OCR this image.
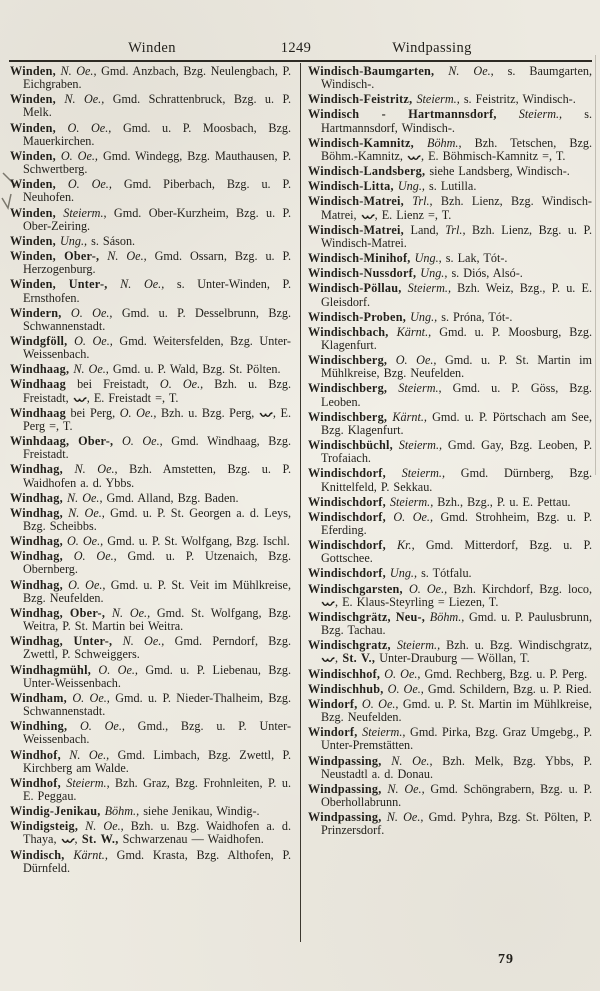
Winden	1249	Windpassing
Winden, N. Oe., Gmd. Anzbach, Bzg. Neulengbach, P. Eichgraben.
Winden, N. Oe., Gmd. Schrattenbruck, Bzg. u. P. Melk.
Winden, O. Oe., Gmd. u. P. Moosbach, Bzg. Mauerkirchen.
Winden, O. Oe., Gmd. Windegg, Bzg. Mauthausen, P. Schwertberg.
Winden, O. Oe., Gmd. Piberbach, Bzg. u. P. Neuhofen.
Winden, Steierm., Gmd. Ober-Kurzheim, Bzg. u. P. Ober-Zeiring.
Winden, Ung., s. Sáson.
Winden, Ober-, N. Oe., Gmd. Ossarn, Bzg. u. P. Herzogenburg.
Winden, Unter-, N. Oe., s. Unter-Winden, P. Ernsthofen.
Windern, O. Oe., Gmd. u. P. Desselbrunn, Bzg. Schwannenstadt.
Windgföll, O. Oe., Gmd. Weitersfelden, Bzg. Unter-Weissenbach.
Windhaag, N. Oe., Gmd. u. P. Wald, Bzg. St. Pölten.
Windhaag bei Freistadt, O. Oe., Bzh. u. Bzg. Freistadt, , E. Freistadt =, T.
Windhaag bei Perg, O. Oe., Bzh. u. Bzg. Perg, , E. Perg =, T.
Winhdaag, Ober-, O. Oe., Gmd. Windhaag, Bzg. Freistadt.
Windhag, N. Oe., Bzh. Amstetten, Bzg. u. P. Waidhofen a. d. Ybbs.
Windhag, N. Oe., Gmd. Alland, Bzg. Baden.
Windhag, N. Oe., Gmd. u. P. St. Georgen a. d. Leys, Bzg. Scheibbs.
Windhag, O. Oe., Gmd. u. P. St. Wolfgang, Bzg. Ischl.
Windhag, O. Oe., Gmd. u. P. Utzenaich, Bzg. Obernberg.
Windhag, O. Oe., Gmd. u. P. St. Veit im Mühlkreise, Bzg. Neufelden.
Windhag, Ober-, N. Oe., Gmd. St. Wolfgang, Bzg. Weitra, P. St. Martin bei Weitra.
Windhag, Unter-, N. Oe., Gmd. Perndorf, Bzg. Zwettl, P. Schweiggers.
Windhagmühl, O. Oe., Gmd. u. P. Liebenau, Bzg. Unter-Weissenbach.
Windham, O. Oe., Gmd. u. P. Nieder-Thalheim, Bzg. Schwannenstadt.
Windhing, O. Oe., Gmd., Bzg. u. P. Unter-Weissenbach.
Windhof, N. Oe., Gmd. Limbach, Bzg. Zwettl, P. Kirchberg am Walde.
Windhof, Steierm., Bzh. Graz, Bzg. Frohnleiten, P. u. E. Peggau.
Windig-Jenikau, Böhm., siehe Jenikau, Windig-.
Windigsteig, N. Oe., Bzh. u. Bzg. Waidhofen a. d. Thaya, , St. W., Schwarzenau — Waidhofen.
Windisch, Kärnt., Gmd. Krasta, Bzg. Althofen, P. Dürnfeld.
Windisch-Baumgarten, N. Oe., s. Baumgarten, Windisch-.
Windisch-Feistritz, Steierm., s. Feistritz, Windisch-.
Windisch - Hartmannsdorf, Steierm., s. Hartmannsdorf, Windisch-.
Windisch-Kamnitz, Böhm., Bzh. Tetschen, Bzg. Böhm.-Kamnitz, , E. Böhmisch-Kamnitz =, T.
Windisch-Landsberg, siehe Landsberg, Windisch-.
Windisch-Litta, Ung., s. Lutilla.
Windisch-Matrei, Trl., Bzh. Lienz, Bzg. Windisch-Matrei, , E. Lienz =, T.
Windisch-Matrei, Land, Trl., Bzh. Lienz, Bzg. u. P. Windisch-Matrei.
Windisch-Minihof, Ung., s. Lak, Tót-.
Windisch-Nussdorf, Ung., s. Diós, Alsó-.
Windisch-Pöllau, Steierm., Bzh. Weiz, Bzg., P. u. E. Gleisdorf.
Windisch-Proben, Ung., s. Próna, Tót-.
Windischbach, Kärnt., Gmd. u. P. Moosburg, Bzg. Klagenfurt.
Windischberg, O. Oe., Gmd. u. P. St. Martin im Mühlkreise, Bzg. Neufelden.
Windischberg, Steierm., Gmd. u. P. Göss, Bzg. Leoben.
Windischberg, Kärnt., Gmd. u. P. Pörtschach am See, Bzg. Klagenfurt.
Windischbüchl, Steierm., Gmd. Gay, Bzg. Leoben, P. Trofaiach.
Windischdorf, Steierm., Gmd. Dürnberg, Bzg. Knittelfeld, P. Sekkau.
Windischdorf, Steierm., Bzh., Bzg., P. u. E. Pettau.
Windischdorf, O. Oe., Gmd. Strohheim, Bzg. u. P. Eferding.
Windischdorf, Kr., Gmd. Mitterdorf, Bzg. u. P. Gottschee.
Windischdorf, Ung., s. Tótfalu.
Windischgarsten, O. Oe., Bzh. Kirchdorf, Bzg. loco, , E. Klaus-Steyrling = Liezen, T.
Windischgrätz, Neu-, Böhm., Gmd. u. P. Paulusbrunn, Bzg. Tachau.
Windischgratz, Steierm., Bzh. u. Bzg. Windischgratz, , St. V., Unter-Drauburg — Wöllan, T.
Windischhof, O. Oe., Gmd. Rechberg, Bzg. u. P. Perg.
Windischhub, O. Oe., Gmd. Schildern, Bzg. u. P. Ried.
Windorf, O. Oe., Gmd. u. P. St. Martin im Mühlkreise, Bzg. Neufelden.
Windorf, Steierm., Gmd. Pirka, Bzg. Graz Umgebg., P. Unter-Premstätten.
Windpassing, N. Oe., Bzh. Melk, Bzg. Ybbs, P. Neustadtl a. d. Donau.
Windpassing, N. Oe., Gmd. Schöngrabern, Bzg. u. P. Oberhollabrunn.
Windpassing, N. Oe., Gmd. Pyhra, Bzg. St. Pölten, P. Prinzersdorf.
79
